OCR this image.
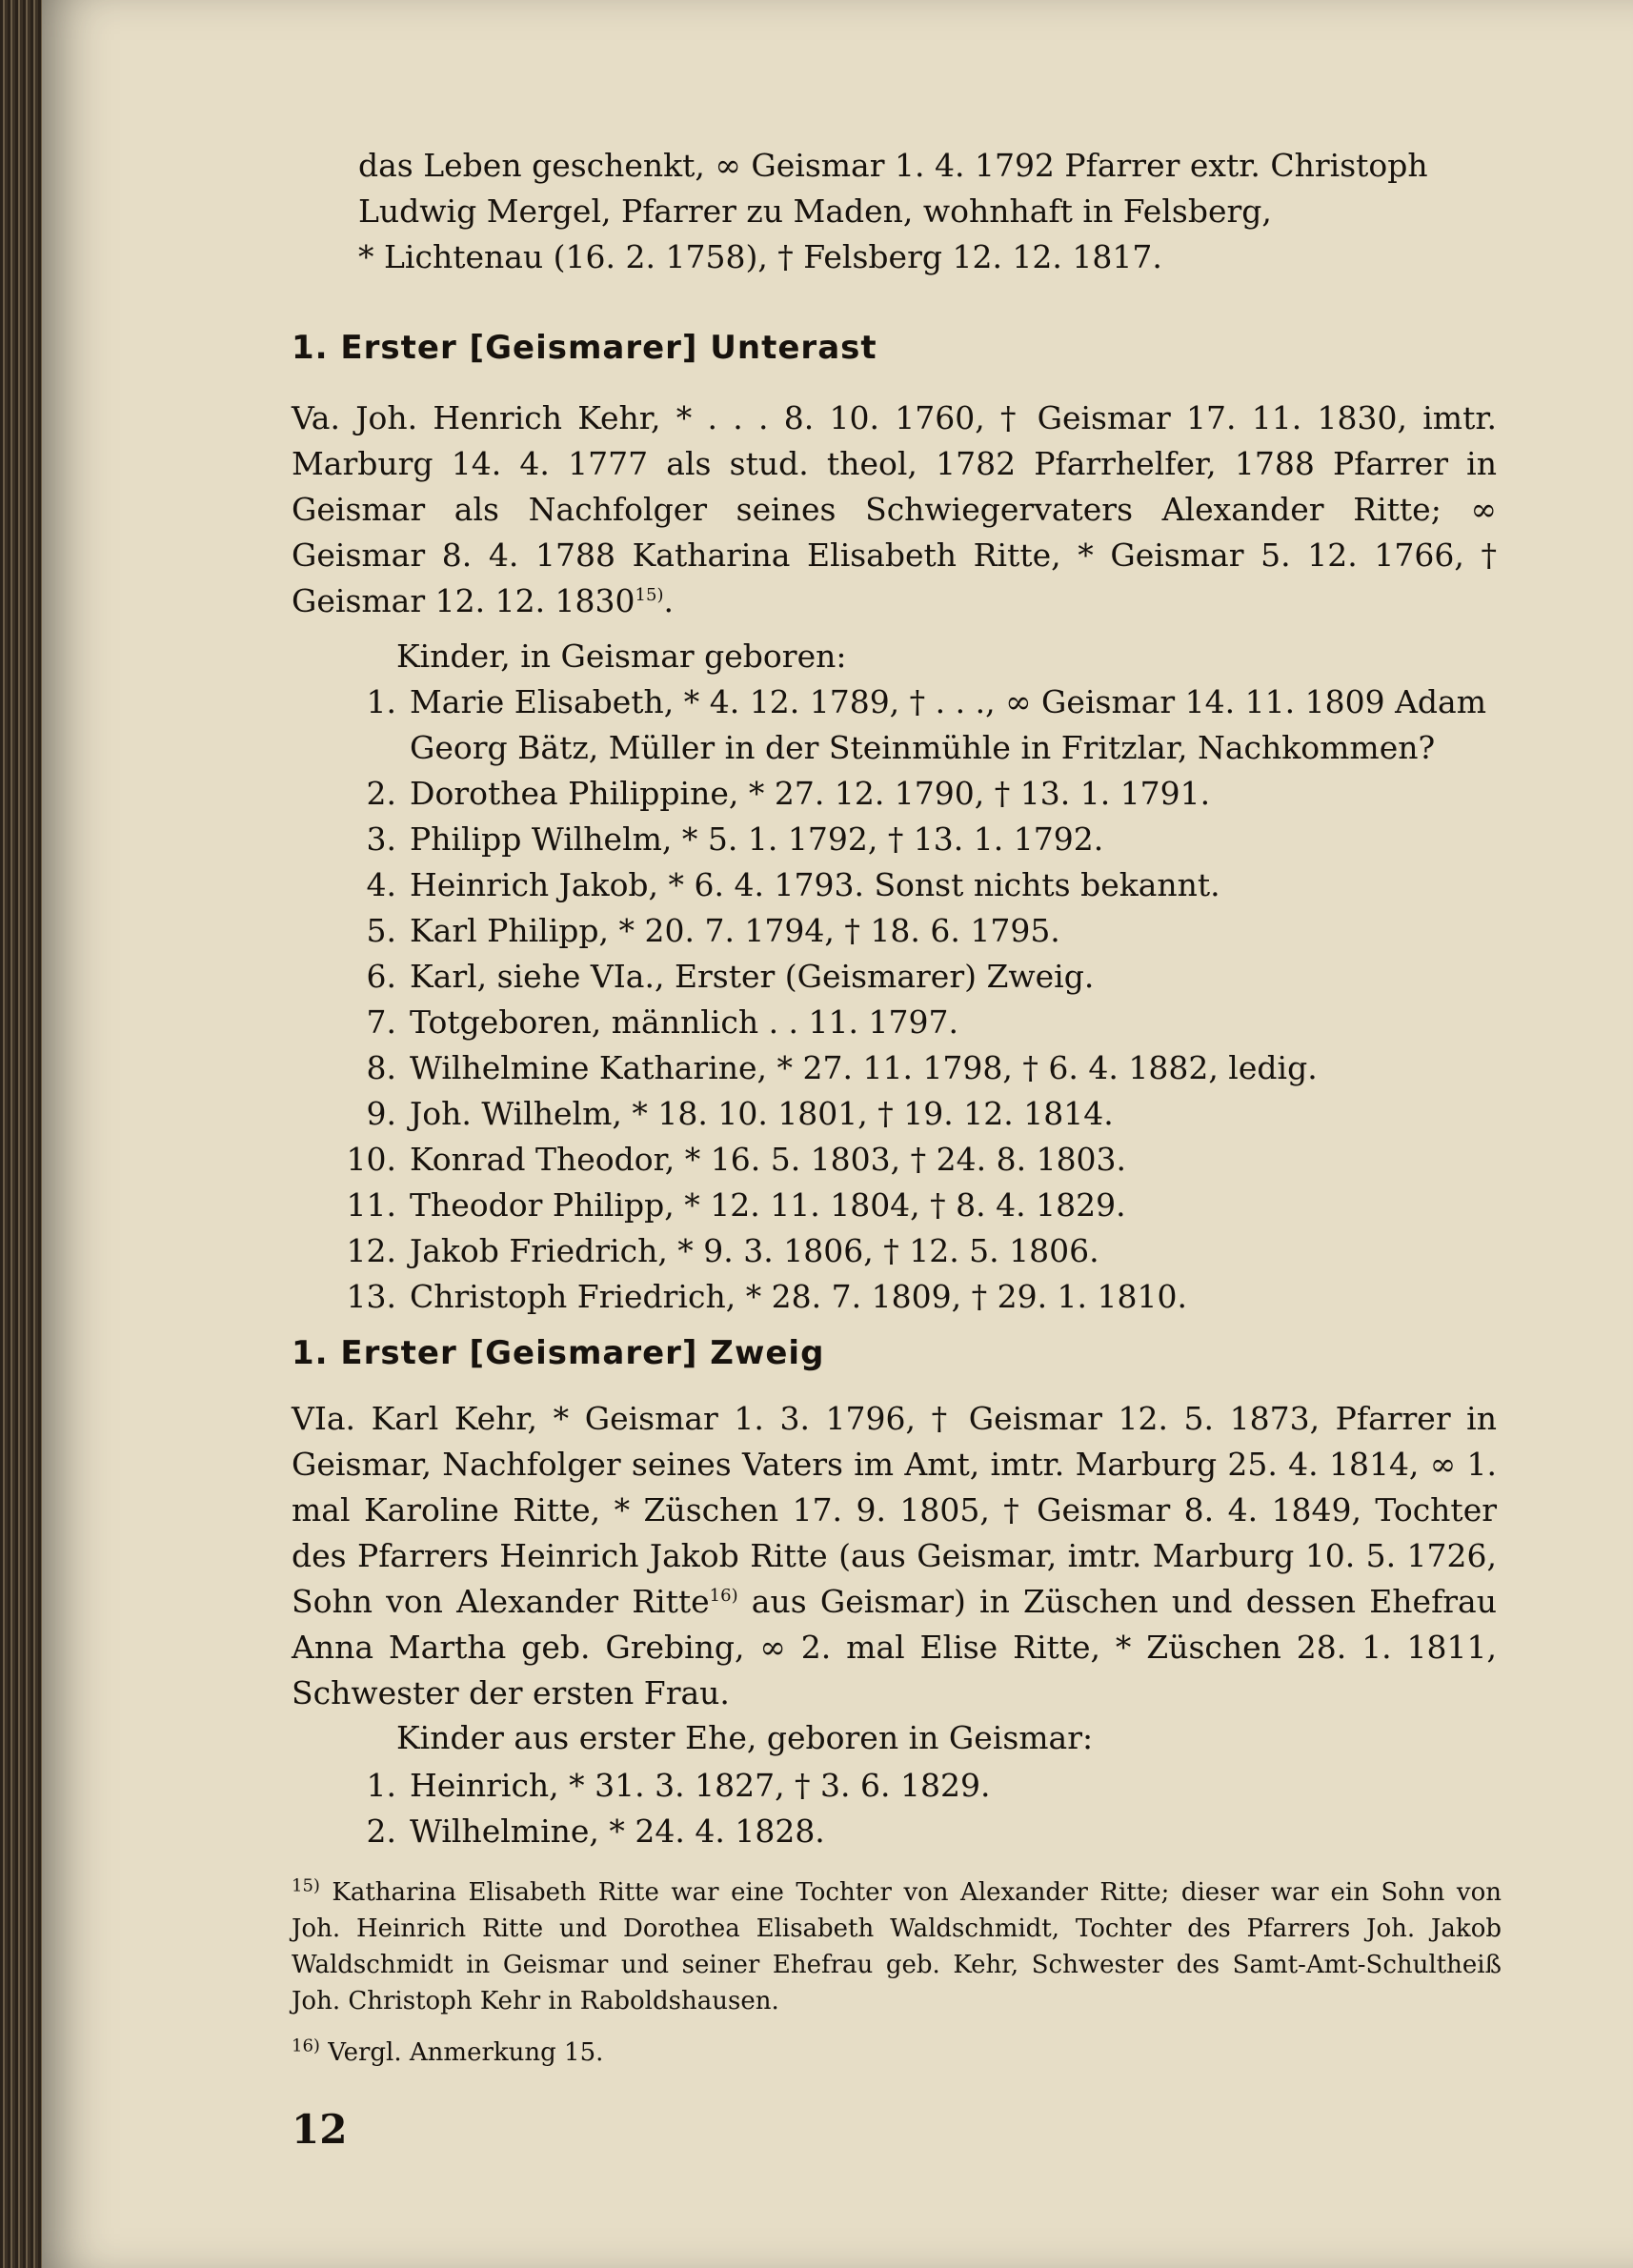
das Leben geschenkt, ∞ Geismar 1. 4. 1792 Pfarrer extr. Christoph
Ludwig Mergel, Pfarrer zu Maden, wohnhaft in Felsberg,
* Lichtenau (16. 2. 1758), † Felsberg 12. 12. 1817.
1. Erster [Geismarer] Unterast

Va. Joh. Henrich Kehr, * . . . 8. 10. 1760, † Geismar 17. 11. 1830, imtr. Marburg 14. 4. 1777 als stud. theol, 1782 Pfarrhelfer, 1788 Pfarrer in Geismar als Nachfolger seines Schwiegervaters Alexander Ritte; ∞ Geismar 8. 4. 1788 Katharina Elisabeth Ritte, * Geismar 5. 12. 1766, † Geismar 12. 12. 1830$^{15)}$.

Kinder, in Geismar geboren:
1. Marie Elisabeth, * 4. 12. 1789, † . . ., ∞ Geismar 14. 11. 1809 Adam
Georg Bätz, Müller in der Steinmühle in Fritzlar, Nachkommen?
2. Dorothea Philippine, * 27. 12. 1790, † 13. 1. 1791.
3. Philipp Wilhelm, * 5. 1. 1792, † 13. 1. 1792.
4. Heinrich Jakob, * 6. 4. 1793. Sonst nichts bekannt.
5. Karl Philipp, * 20. 7. 1794, † 18. 6. 1795.
6. Karl, siehe VIa., Erster (Geismarer) Zweig.
7. Totgeboren, männlich . . 11. 1797.
8. Wilhelmine Katharine, * 27. 11. 1798, † 6. 4. 1882, ledig.
9. Joh. Wilhelm, * 18. 10. 1801, † 19. 12. 1814.
10. Konrad Theodor, * 16. 5. 1803, † 24. 8. 1803.
11. Theodor Philipp, * 12. 11. 1804, † 8. 4. 1829.
12. Jakob Friedrich, * 9. 3. 1806, † 12. 5. 1806.
13. Christoph Friedrich, * 28. 7. 1809, † 29. 1. 1810.
1. Erster [Geismarer] Zweig

VIa. Karl Kehr, * Geismar 1. 3. 1796, † Geismar 12. 5. 1873, Pfarrer in Geismar, Nachfolger seines Vaters im Amt, imtr. Marburg 25. 4. 1814, ∞ 1. mal Karoline Ritte, * Züschen 17. 9. 1805, † Geismar 8. 4. 1849, Tochter des Pfarrers Heinrich Jakob Ritte (aus Geismar, imtr. Marburg 10. 5. 1726, Sohn von Alexander Ritte$^{16)}$ aus Geismar) in Züschen und dessen Ehefrau Anna Martha geb. Grebing, ∞ 2. mal Elise Ritte, * Züschen 28. 1. 1811, Schwester der ersten Frau.

Kinder aus erster Ehe, geboren in Geismar:
1. Heinrich, * 31. 3. 1827, † 3. 6. 1829.
2. Wilhelmine, * 24. 4. 1828.
$^{15)}$ Katharina Elisabeth Ritte war eine Tochter von Alexander Ritte; dieser war ein Sohn von Joh. Heinrich Ritte und Dorothea Elisabeth Waldschmidt, Tochter des Pfarrers Joh. Jakob Waldschmidt in Geismar und seiner Ehefrau geb. Kehr, Schwester des Samt-Amt-Schultheiß Joh. Christoph Kehr in Raboldshausen.
$^{16)}$ Vergl. Anmerkung 15.
12
